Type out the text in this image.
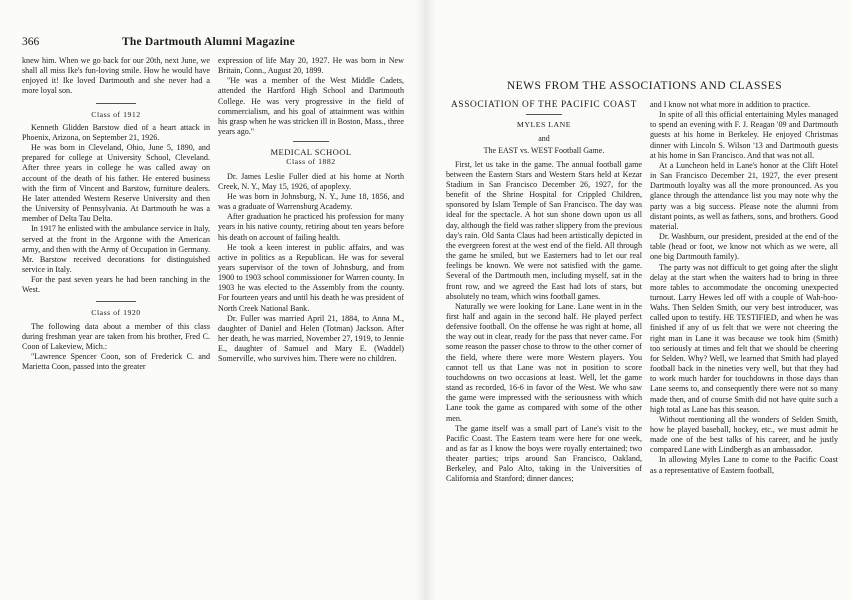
366	The Dartmouth Alumni Magazine

knew him. When we go back for our 20th, next June, we shall all miss Ike's fun-loving smile. How he would have enjoyed it! Ike loved Dartmouth and she never had a more loyal son.

Class of 1912

Kenneth Glidden Barstow died of a heart attack in Phoenix, Arizona, on September 21, 1926.

He was born in Cleveland, Ohio, June 5, 1890, and prepared for college at University School, Cleveland. After three years in college he was called away on account of the death of his father. He entered business with the firm of Vincent and Barstow, furniture dealers. He later attended Western Reserve University and then the University of Pennsylvania. At Dartmouth he was a member of Delta Tau Delta.

In 1917 he enlisted with the ambulance service in Italy, served at the front in the Argonne with the American army, and then with the Army of Occupation in Germany. Mr. Barstow received decorations for distinguished service in Italy.

For the past seven years he had been ranching in the West.

Class of 1920

The following data about a member of this class during freshman year are taken from his brother, Fred C. Coon of Lakeview, Mich.:

"Lawrence Spencer Coon, son of Frederick C. and Marietta Coon, passed into the greater

expression of life May 20, 1927. He was born in New Britain, Conn., August 20, 1899.

"He was a member of the West Middle Cadets, attended the Hartford High School and Dartmouth College. He was very progressive in the field of commercialism, and his goal of attainment was within his grasp when he was stricken ill in Boston, Mass., three years ago."

MEDICAL SCHOOL

Class of 1882

Dr. James Leslie Fuller died at his home at North Creek, N. Y., May 15, 1926, of apoplexy.

He was born in Johnsburg, N. Y., June 18, 1856, and was a graduate of Warrensburg Academy.

After graduation he practiced his profession for many years in his native county, retiring about ten years before his death on account of failing health.

He took a keen interest in public affairs, and was active in politics as a Republican. He was for several years supervisor of the town of Johnsburg, and from 1900 to 1903 school commissioner for Warren county. In 1903 he was elected to the Assembly from the county. For fourteen years and until his death he was president of North Creek National Bank.

Dr. Fuller was married April 21, 1884, to Anna M., daughter of Daniel and Helen (Totman) Jackson. After her death, he was married, November 27, 1919, to Jennie E., daughter of Samuel and Mary E. (Waddel) Somerville, who survives him. There were no children.

NEWS FROM THE ASSOCIATIONS AND CLASSES

ASSOCIATION OF THE PACIFIC COAST

MYLES LANE

and

The EAST vs. WEST Football Game.

First, let us take in the game. The annual football game between the Eastern Stars and Western Stars held at Kezar Stadium in San Francisco December 26, 1927, for the benefit of the Shrine Hospital for Crippled Children, sponsored by Islam Temple of San Francisco. The day was ideal for the spectacle. A hot sun shone down upon us all day, although the field was rather slippery from the previous day's rain. Old Santa Claus had been artistically depicted in the evergreen forest at the west end of the field. All through the game he smiled, but we Easterners had to let our real feelings be known. We were not satisfied with the game. Several of the Dartmouth men, including myself, sat in the front row, and we agreed the East had lots of stars, but absolutely no team, which wins football games.

Naturally we were looking for Lane. Lane went in in the first half and again in the second half. He played perfect defensive football. On the offense he was right at home, all the way out in clear, ready for the pass that never came. For some reason the passer chose to throw to the other corner of the field, where there were more Western players. You cannot tell us that Lane was not in position to score touchdowns on two occasions at least. Well, let the game stand as recorded, 16-6 in favor of the West. We who saw the game were impressed with the seriousness with which Lane took the game as compared with some of the other men.

The game itself was a small part of Lane's visit to the Pacific Coast. The Eastern team were here for one week, and as far as I know the boys were royally entertained; two theater parties; trips around San Francisco, Oakland, Berkeley, and Palo Alto, taking in the Universities of California and Stanford; dinner dances;

and I know not what more in addition to practice.

In spite of all this official entertaining Myles managed to spend an evening with F. J. Reagan '09 and Dartmouth guests at his home in Berkeley. He enjoyed Christmas dinner with Lincoln S. Wilson '13 and Dartmouth guests at his home in San Francisco. And that was not all.

At a Luncheon held in Lane's honor at the Clift Hotel in San Francisco December 21, 1927, the ever present Dartmouth loyalty was all the more pronounced. As you glance through the attendance list you may note why the party was a big success. Please note the alumni from distant points, as well as fathers, sons, and brothers. Good material.

Dr. Washburn, our president, presided at the end of the table (head or foot, we know not which as we were, all one big Dartmouth family).

The party was not difficult to get going after the slight delay at the start when the waiters had to bring in three more tables to accommodate the oncoming unexpected turnout. Larry Hewes led off with a couple of Wah-hoo-Wahs. Then Selden Smith, our very best introducer, was called upon to testify. HE TESTIFIED, and when he was finished if any of us felt that we were not cheering the right man in Lane it was because we took him (Smith) too seriously at times and felt that we should be cheering for Selden. Why? Well, we learned that Smith had played football back in the nineties very well, but that they had to work much harder for touchdowns in those days than Lane seems to, and consequently there were not so many made then, and of course Smith did not have quite such a high total as Lane has this season.

Without mentioning all the wonders of Selden Smith, how he played baseball, hockey, etc., we must admit he made one of the best talks of his career, and he justly compared Lane with Lindbergh as an ambassador.

In allowing Myles Lane to come to the Pacific Coast as a representative of Eastern football,
